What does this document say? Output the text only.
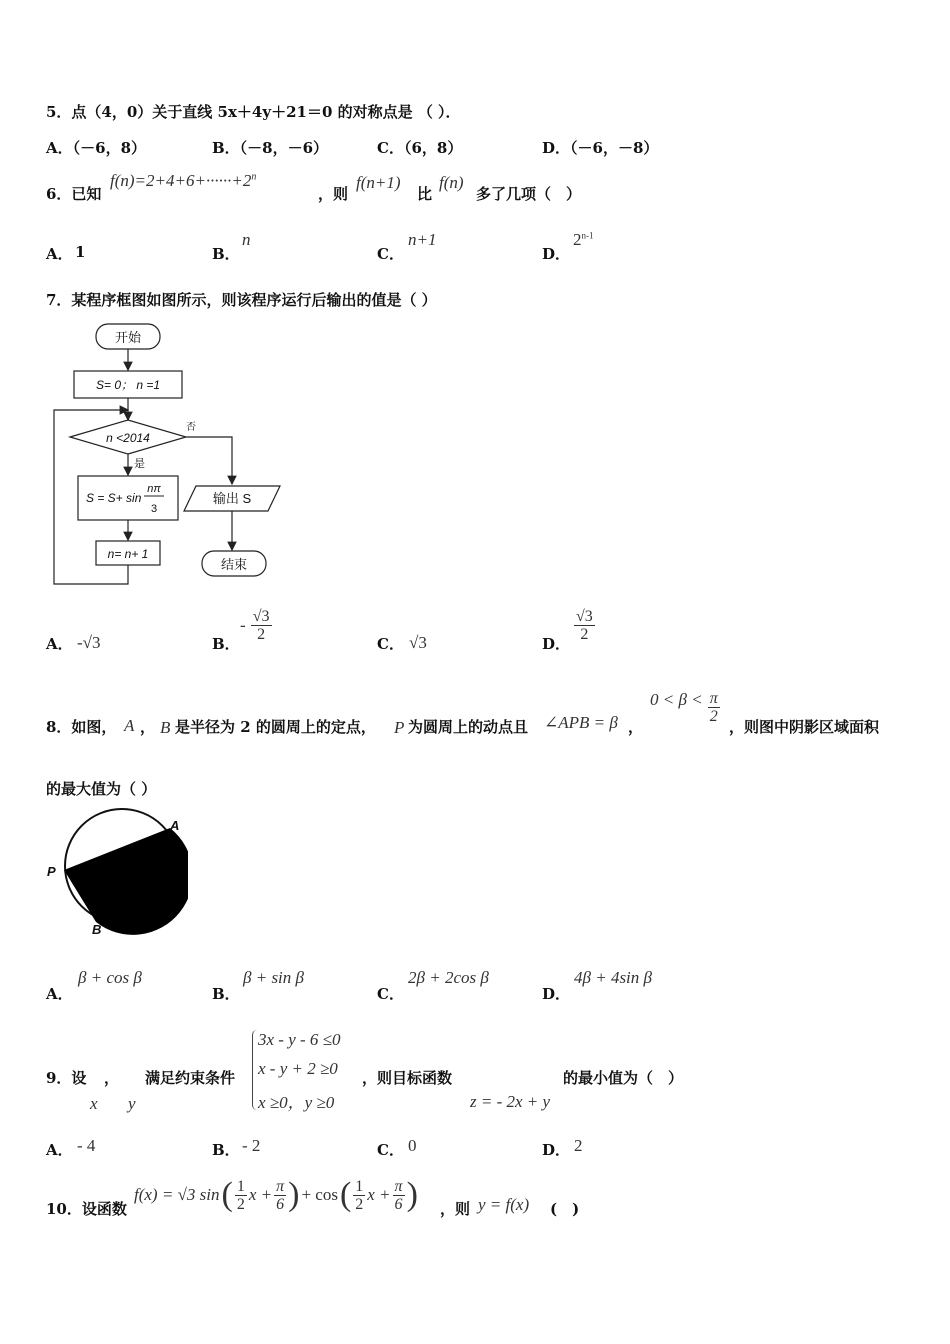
5．点（4，0）关于直线 5x＋4y＋21＝0 的对称点是 （ ）．
A．（－6，8）	B．（－8，－6）	C．（6，8）	D．（－6，－8）
6．已知
$f(n)=2+4+6+\cdot\cdot\cdot\cdot\cdot\cdot+2^n$
，则
f(n+1)
比
f(n)
多了几项（　）
A． 1	B．
n
C．
n+1
D．
2$^{n-1}$
7．某程序框图如图所示，则该程序运行后输出的值是（ ）
开始
S= 0； n =1
n <2014
否
是
S = S+ sin
nπ
3
n= n+ 1
输出 S
结束
A． -√3	B．
- $\frac{√3}{2}$
C． √3	D．
$\frac{√3}{2}$
8．如图， A ， B 是半径为 2 的圆周上的定点， P 为圆周上的动点且 ∠APB = β ，
$0 < \beta < \frac{\pi}{2}$
，则图中阴影区域面积
的最大值为（ ）
A
P
B
A．
β + cos β
B．
β + sin β
C．
2β + 2cos β
D．
4β + 4sin β
9．设 ， 满足约束条件
x y
3x - y - 6 ≤0
x - y + 2 ≥0
x ≥0，y ≥0
，则目标函数
z = - 2x + y
的最小值为（　）
A． - 4	B． - 2	C． 0	D． 2
10．设函数
f(x) = √3 sin ( $\frac{1}{2}$ $x + \frac{\pi}{6}$ ) + cos ( $\frac{1}{2}$ $x + \frac{\pi}{6}$ ) ，则 y = f(x) (　)
